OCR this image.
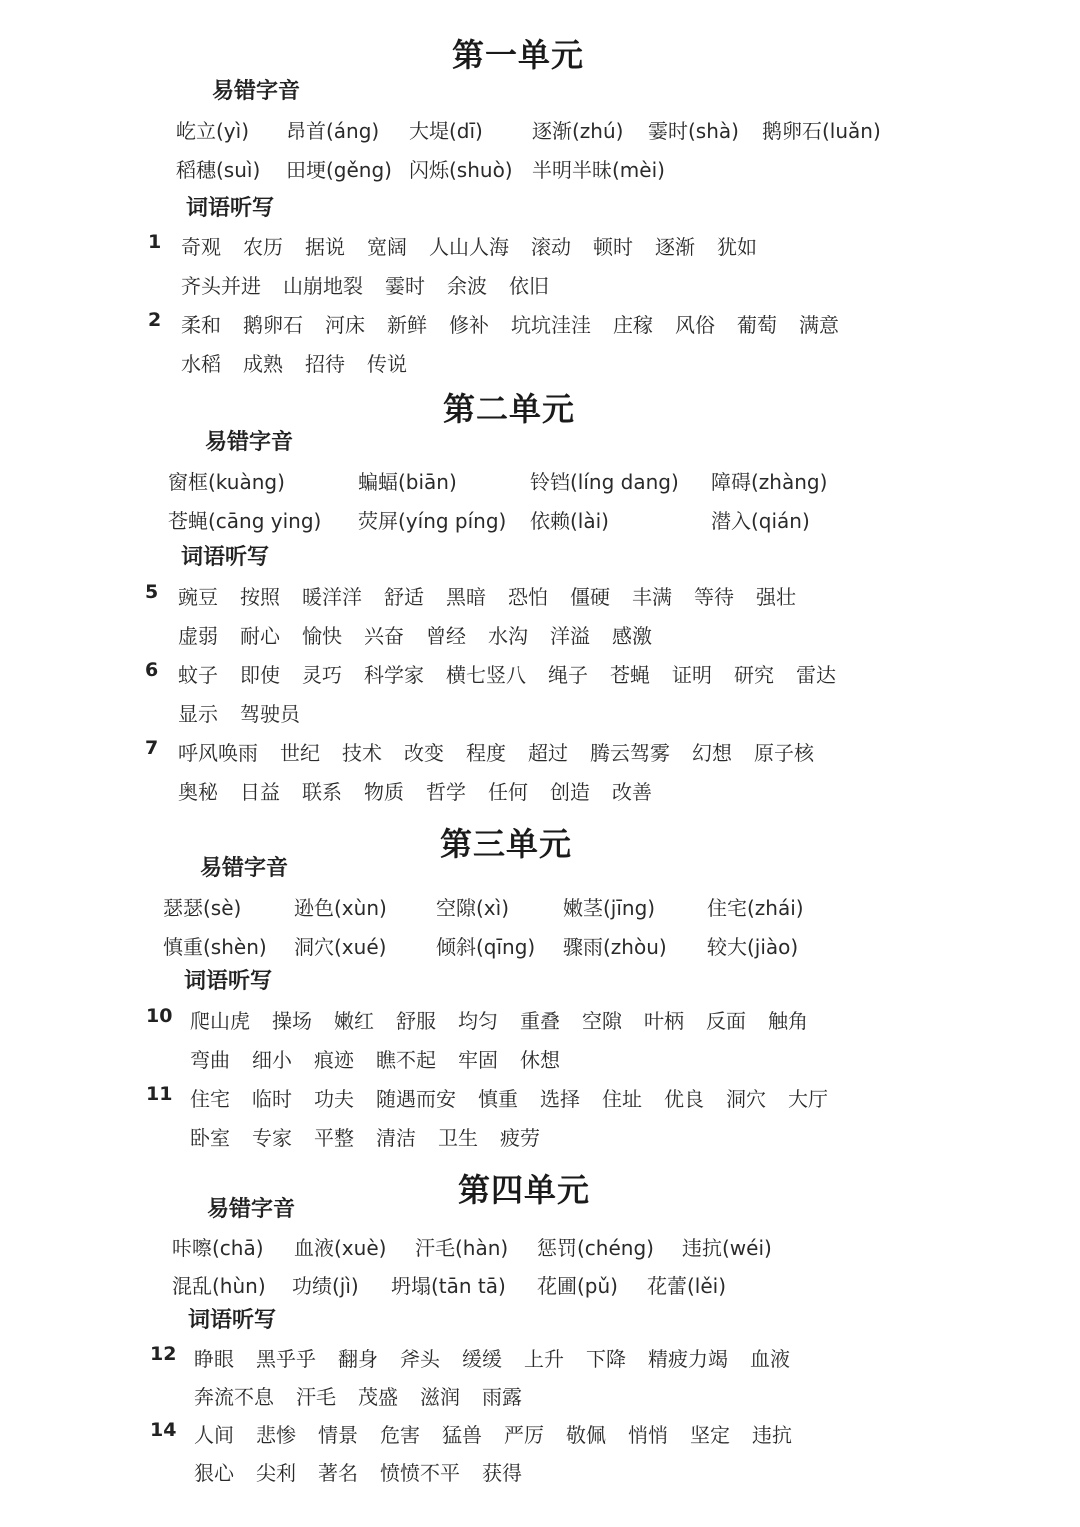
第一单元
易错字音
屹立(yì) 昂首(áng) 大堤(dī) 逐渐(zhú) 霎时(shà) 鹅卵石(luǎn)
稻穗(suì) 田埂(gěng) 闪烁(shuò) 半明半昧(mèi)
词语听写
1 奇观 农历 据说 宽阔 人山人海 滚动 顿时 逐渐 犹如
齐头并进 山崩地裂 霎时 余波 依旧
2 柔和 鹅卵石 河床 新鲜 修补 坑坑洼洼 庄稼 风俗 葡萄 满意
水稻 成熟 招待 传说
第二单元
易错字音
窗框(kuàng)	蝙蝠(biān)	铃铛(líng dang) 障碍(zhàng)
苍蝇(cāng ying) 荧屏(yíng píng) 依赖(lài)	潜入(qián)
词语听写
5 豌豆 按照 暖洋洋 舒适 黑暗 恐怕 僵硬 丰满 等待 强壮
虚弱 耐心 愉快 兴奋 曾经 水沟 洋溢 感激
6 蚊子 即使 灵巧 科学家 横七竖八 绳子 苍蝇 证明 研究 雷达
显示 驾驶员
7 呼风唤雨 世纪 技术 改变 程度 超过 腾云驾雾 幻想 原子核
奥秘 日益 联系 物质 哲学 任何 创造 改善
第三单元
易错字音
瑟瑟(sè)	逊色(xùn) 空隙(xì)	嫩茎(jīng)	住宅(zhái)
慎重(shèn) 洞穴(xué) 倾斜(qīng) 骤雨(zhòu) 较大(jiào)
词语听写
10 爬山虎 操场 嫩红 舒服 均匀 重叠 空隙 叶柄 反面 触角
弯曲 细小 痕迹 瞧不起 牢固 休想
11 住宅 临时 功夫 随遇而安 慎重 选择 住址 优良 洞穴 大厅
卧室 专家 平整 清洁 卫生 疲劳
第四单元
易错字音
咔嚓(chā) 血液(xuè) 汗毛(hàn) 惩罚(chéng) 违抗(wéi)
混乱(hùn) 功绩(jì) 坍塌(tān tā) 花圃(pǔ) 花蕾(lěi)
词语听写
12 睁眼 黑乎乎 翻身 斧头 缓缓 上升 下降 精疲力竭 血液
奔流不息 汗毛 茂盛 滋润 雨露
14 人间 悲惨 情景 危害 猛兽 严厉 敬佩 悄悄 坚定 违抗
狠心 尖利 著名 愤愤不平 获得
